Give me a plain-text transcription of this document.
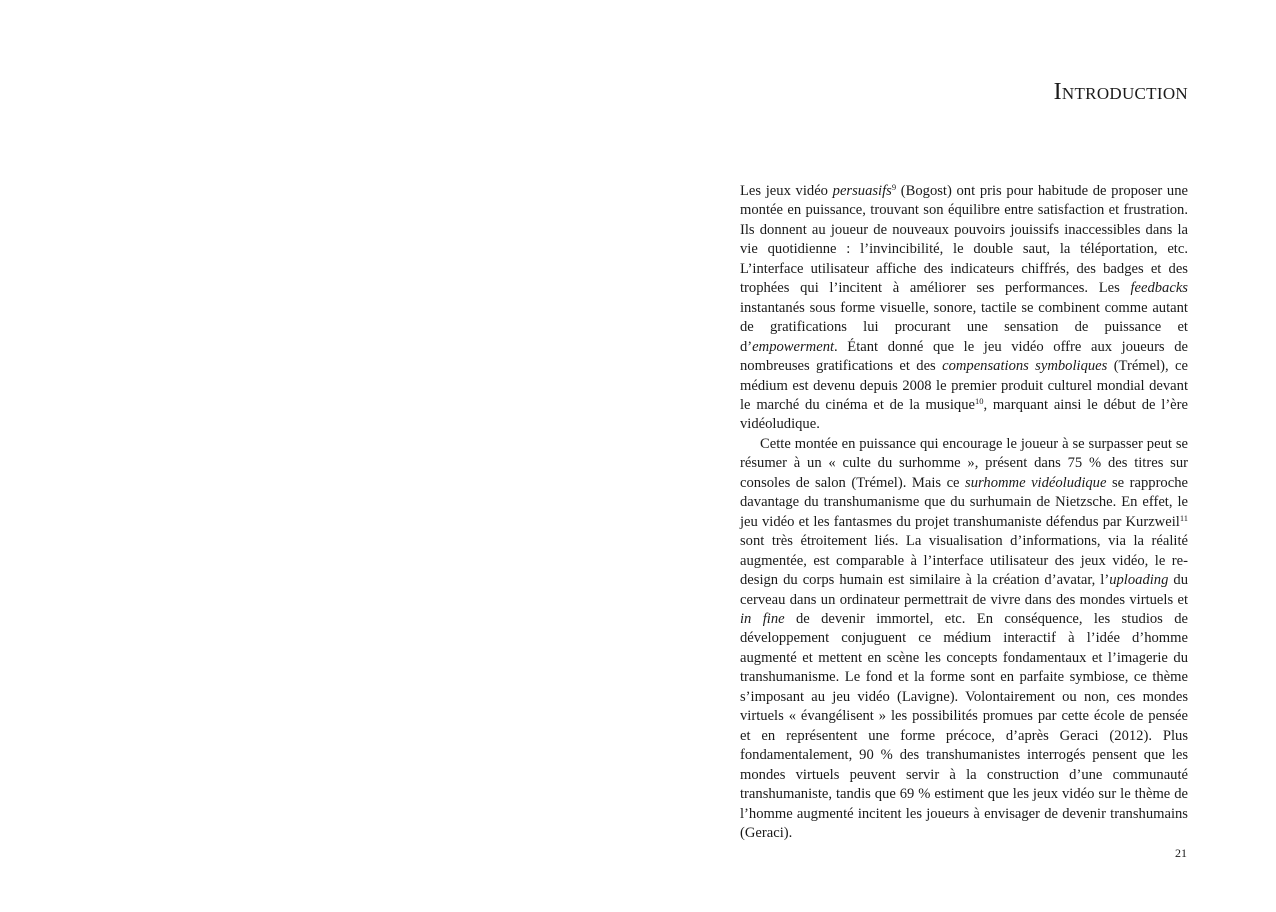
Introduction

Les jeux vidéo persuasifs$^9$ (Bogost) ont pris pour habitude de proposer une montée en puissance, trouvant son équilibre entre satisfaction et frustration. Ils donnent au joueur de nouveaux pouvoirs jouissifs inaccessibles dans la vie quotidienne : l’invincibilité, le double saut, la téléportation, etc. L’interface utilisateur affiche des indicateurs chiffrés, des badges et des trophées qui l’incitent à améliorer ses performances. Les feedbacks instantanés sous forme visuelle, sonore, tactile se combinent comme autant de gratifications lui procurant une sensation de puissance et d’empowerment. Étant donné que le jeu vidéo offre aux joueurs de nombreuses gratifications et des compensations symboliques (Trémel), ce médium est devenu depuis 2008 le premier produit culturel mondial devant le marché du cinéma et de la musique$^{10}$, marquant ainsi le début de l’ère vidéoludique.

Cette montée en puissance qui encourage le joueur à se surpasser peut se résumer à un « culte du surhomme », présent dans 75 % des titres sur consoles de salon (Trémel). Mais ce surhomme vidéoludique se rapproche davantage du transhumanisme que du surhumain de Nietzsche. En effet, le jeu vidéo et les fantasmes du projet transhumaniste défendus par Kurzweil$^{11}$ sont très étroitement liés. La visualisation d’informations, via la réalité augmentée, est comparable à l’interface utilisateur des jeux vidéo, le re-design du corps humain est similaire à la création d’avatar, l’uploading du cerveau dans un ordinateur permettrait de vivre dans des mondes virtuels et in fine de devenir immortel, etc. En conséquence, les studios de développement conjuguent ce médium interactif à l’idée d’homme augmenté et mettent en scène les concepts fondamentaux et l’imagerie du transhumanisme. Le fond et la forme sont en parfaite symbiose, ce thème s’imposant au jeu vidéo (Lavigne). Volontairement ou non, ces mondes virtuels « évangélisent » les possibilités promues par cette école de pensée et en représentent une forme précoce, d’après Geraci (2012). Plus fondamentalement, 90 % des transhumanistes interrogés pensent que les mondes virtuels peuvent servir à la construction d’une communauté transhumaniste, tandis que 69 % estiment que les jeux vidéo sur le thème de l’homme augmenté incitent les joueurs à envisager de devenir transhumains (Geraci).

21
